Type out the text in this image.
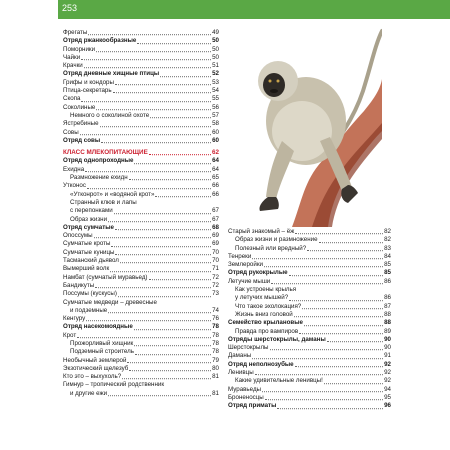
253
Фрегаты	49
Отряд ржанкообразные	50
Поморники	50
Чайки	50
Крачки	51
Отряд дневные хищные птицы	52
Грифы и кондоры	53
Птица-секретарь	54
Скопа	55
Соколиные	56
Немного о соколиной охоте	57
Ястребиные	58
Совы	60
Отряд совы	60
КЛАСС МЛЕКОПИТАЮЩИЕ	62
Отряд однопроходные	64
Ехидна	64
Размножение ехидн	65
Утконос	66
«Утконрот» и «водяной крот»	66
Странный клюв и лапы
с перепонками	67
Образ жизни	67
Отряд сумчатые	68
Опоссумы	69
Сумчатые кроты	69
Сумчатые куницы	70
Тасманский дьявол	70
Вымерший волк	71
Намбат (сумчатый муравьед)	72
Бандикуты	72
Поссумы (кускусы)	73
Сумчатые медведи – древесные
и подземные	74
Кенгуру	76
Отряд насекомоядные	78
Крот	78
Прожорливый хищник	78
Подземный строитель	78
Необычный землерой	79
Экзотический щелезуб	80
Кто это – выхухоль?	81
Гимнур – тропический родственник
и другие ежи	81
Старый знакомый – ёж	82
Образ жизни и размножение	82
Полезный или вредный?	83
Тенреки	84
Землеройки	85
Отряд рукокрылые	85
Летучие мыши	86
Как устроены крылья
у летучих мышей?	86
Что такое эхолокация?	87
Жизнь вниз головой	88
Семейство крылановые	88
Правда про вампиров	89
Отряды шерстокрылы, даманы	90
Шерстокрылы	90
Даманы	91
Отряд неполнозубые	92
Ленивцы	92
Какие удивительные ленивцы!	92
Муравьеды	94
Броненосцы	95
Отряд приматы	96
